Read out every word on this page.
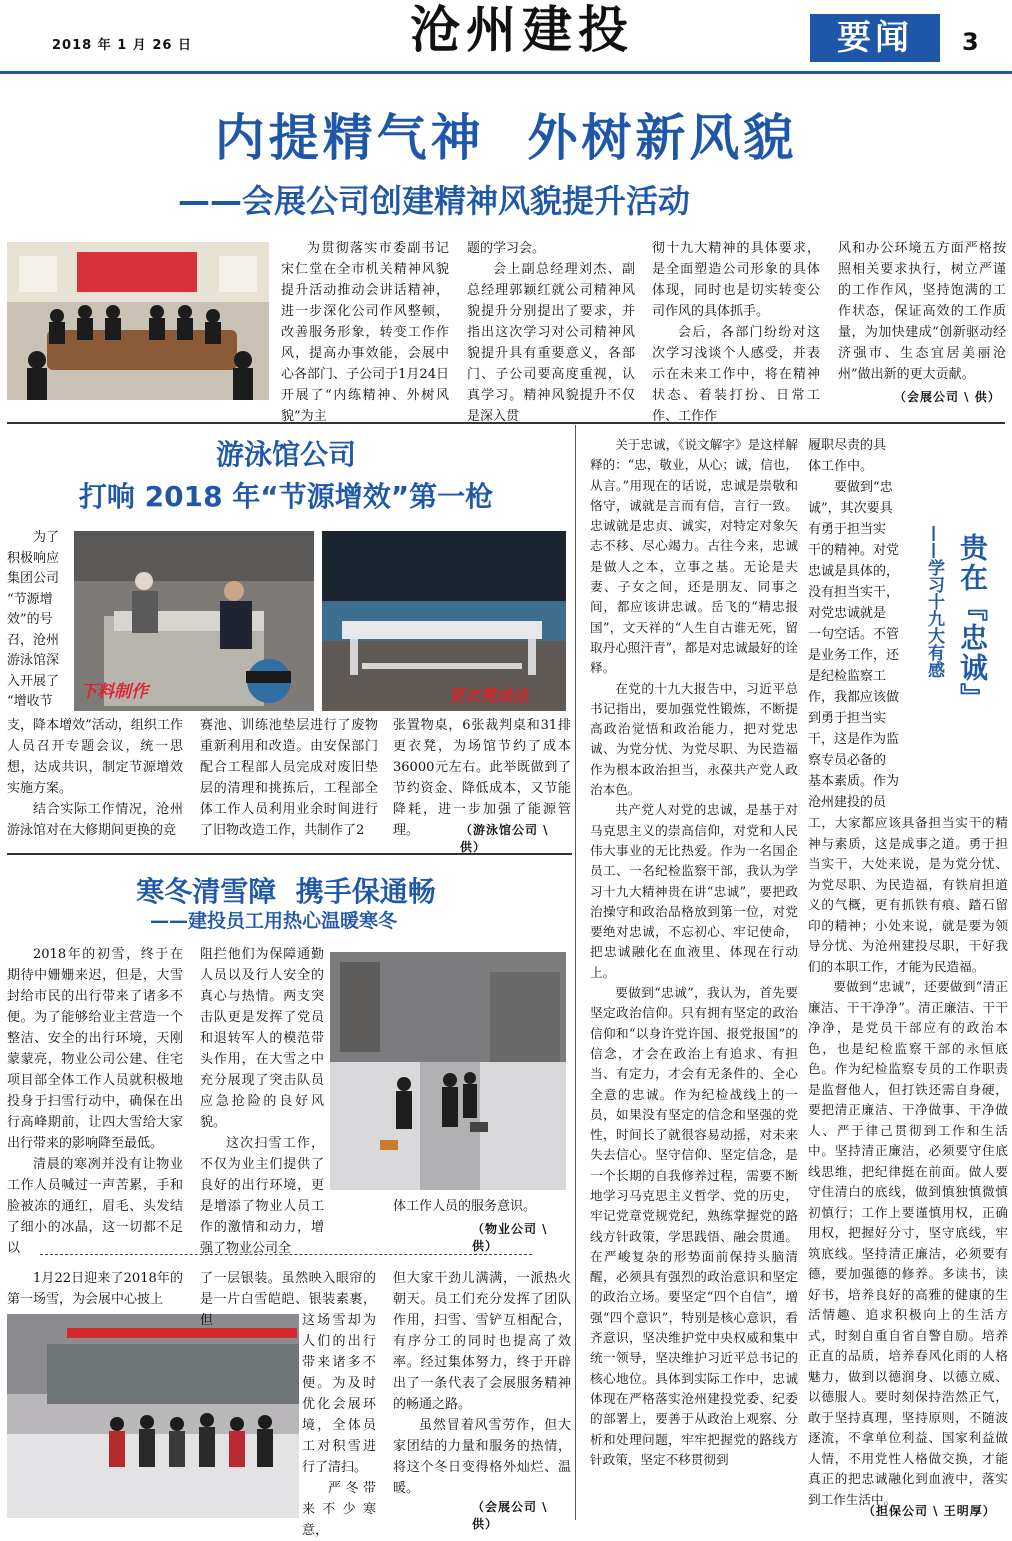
2018 年 1 月 26 日	沧州建投	要闻	3
内提精气神  外树新风貌
——会展公司创建精神风貌提升活动
为贯彻落实市委副书记宋仁堂在全市机关精神风貌提升活动推动会讲话精神，进一步深化公司作风整顿，改善服务形象，转变工作作风，提高办事效能，会展中心各部门、子公司于1月24日开展了“内练精神、外树风貌”为主

题的学习会。

会上副总经理刘杰、副总经理郭颖红就公司精神风貌提升分别提出了要求，并指出这次学习对公司精神风貌提升具有重要意义，各部门、子公司要高度重视，认真学习。精神风貌提升不仅是深入贯

彻十九大精神的具体要求，是全面塑造公司形象的具体体现，同时也是切实转变公司作风的具体抓手。

会后，各部门纷纷对这次学习浅谈个人感受，并表示在未来工作中，将在精神状态、着装打扮、日常工作、工作作

风和办公环境五方面严格按照相关要求执行，树立严谨的工作作风，坚持饱满的工作状态，保证高效的工作质量，为加快建成“创新驱动经济强市、生态宜居美丽沧州”做出新的更大贡献。
（会展公司 \ 供）
游泳馆公司
打响 2018 年“节源增效”第一枪
为了
积极响应
集团公司
“节源增
效”的号
召，沧州
游泳馆深
入开展了
“增收节	下料制作	更衣凳成品

支，降本增效”活动，组织工作人员召开专题会议，统一思想，达成共识，制定节源增效实施方案。

结合实际工作情况，沧州游泳馆对在大修期间更换的竞

赛池、训练池垫层进行了废物重新利用和改造。由安保部门配合工程部人员完成对废旧垫层的清理和挑拣后，工程部全体工作人员利用业余时间进行了旧物改造工作，共制作了2
张置物桌，6张裁判桌和31排更衣凳，为场馆节约了成本36000元左右。此举既做到了节约资金、降低成本，又节能降耗，进一步加强了能源管理。	（游泳馆公司 \ 供）
寒冬清雪障  携手保通畅
——建投员工用热心温暖寒冬

2018年的初雪，终于在期待中姗姗来迟，但是，大雪封给市民的出行带来了诸多不便。为了能够给业主营造一个整洁、安全的出行环境，天刚蒙蒙亮，物业公司公建、住宅项目部全体工作人员就积极地投身于扫雪行动中，确保在出行高峰期前，让四大雪给大家出行带来的影响降至最低。

清晨的寒冽并没有让物业工作人员喊过一声苦累，手和脸被冻的通红，眉毛、头发结了细小的冰晶，这一切都不足以

阻拦他们为保障通勤人员以及行人安全的真心与热情。两支突击队更是发挥了党员和退转军人的模范带头作用，在大雪之中充分展现了突击队员应急抢险的良好风貌。

这次扫雪工作，不仅为业主们提供了良好的出行环境，更是增添了物业人员工作的激情和动力，增强了物业公司全

体工作人员的服务意识。
（物业公司 \ 供）
1月22日迎来了2018年的第一场雪，为会展中心披上

了一层银装。虽然映入眼帘的是一片白雪皑皑、银装素裹，但	这场雪却为人们的出行带来诸多不便。为及时优化会展环境，全体员工对积雪进行了清扫。

严冬带来不少寒意，

但大家干劲儿满满，一派热火朝天。员工们充分发挥了团队作用，扫雪、雪铲互相配合，有序分工的同时也提高了效率。经过集体努力，终于开辟出了一条代表了会展服务精神的畅通之路。

虽然冒着风雪劳作，但大家团结的力量和服务的热情，将这个冬日变得格外灿烂、温暖。

（会展公司 \ 供）

关于忠诚，《说文解字》是这样解释的：“忠，敬业，从心；诚，信也，从言。”用现在的话说，忠诚是崇敬和恪守，诚就是言而有信，言行一致。忠诚就是忠贞、诚实，对特定对象矢志不移、尽心竭力。古往今来，忠诚是做人之本，立事之基。无论是夫妻、子女之间，还是朋友、同事之间，都应该讲忠诚。岳飞的“精忠报国”，文天祥的“人生自古谁无死，留取丹心照汗青”，都是对忠诚最好的诠释。

在党的十九大报告中，习近平总书记指出，要加强党性锻炼，不断提高政治觉悟和政治能力，把对党忠诚、为党分忧、为党尽职、为民造福作为根本政治担当，永葆共产党人政治本色。

共产党人对党的忠诚，是基于对马克思主义的崇高信仰，对党和人民伟大事业的无比热爱。作为一名国企员工、一名纪检监察干部，我认为学习十九大精神贵在讲“忠诚”，要把政治操守和政治品格放到第一位，对党要绝对忠诚，不忘初心、牢记使命，把忠诚融化在血液里、体现在行动上。

要做到“忠诚”，我认为，首先要坚定政治信仰。只有拥有坚定的政治信仰和“以身许党许国、报党报国”的信念，才会在政治上有追求、有担当、有定力，才会有无条件的、全心全意的忠诚。作为纪检战线上的一员，如果没有坚定的信念和坚强的党性，时间长了就很容易动摇，对未来失去信心。坚守信仰、坚定信念，是一个长期的自我修养过程，需要不断地学习马克思主义哲学、党的历史，牢记党章党规党纪，熟练掌握党的路线方针政策，学思践悟、融会贯通。在严峻复杂的形势面前保持头脑清醒，必须具有强烈的政治意识和坚定的政治立场。要坚定“四个自信”，增强“四个意识”，特别是核心意识，看齐意识，坚决维护党中央权威和集中统一领导，坚决维护习近平总书记的核心地位。具体到实际工作中，忠诚体现在严格落实沧州建投党委、纪委的部署上，要善于从政治上观察、分析和处理问题，牢牢把握党的路线方针政策，坚定不移贯彻到

履职尽责的具
体工作中。
要做到“忠
诚”，其次要具
有勇于担当实
干的精神。对党
忠诚是具体的，
没有担当实干，
对党忠诚就是
一句空话。不管
是业务工作，还
是纪检监察工
作，我都应该做
到勇于担当实
干，这是作为监
察专员必备的
基本素质。作为
沧州建投的员
贵在『忠诚』
——学习十九大有感

工，大家都应该具备担当实干的精神与素质，这是成事之道。勇于担当实干，大处来说，是为党分忧、为党尽职、为民造福，有铁肩担道义的气概，更有抓铁有痕、踏石留印的精神；小处来说，就是要为领导分忧、为沧州建投尽职，干好我们的本职工作，才能为民造福。

要做到“忠诚”，还要做到“清正廉洁、干干净净”。清正廉洁、干干净净，是党员干部应有的政治本色，也是纪检监察干部的永恒底色。作为纪检监察专员的工作职责是监督他人，但打铁还需自身硬，要把清正廉洁、干净做事、干净做人、严于律己贯彻到工作和生活中。坚持清正廉洁，必须要守住底线思维，把纪律挺在前面。做人要守住清白的底线，做到慎独慎微慎初慎行；工作上要谨慎用权，正确用权，把握好分寸，坚守底线，牢筑底线。坚持清正廉洁，必须要有德，要加强德的修养。多读书，读好书，培养良好的高雅的健康的生活情趣、追求积极向上的生活方式，时刻自重自省自警自励。培养正直的品质，培养春风化雨的人格魅力，做到以德润身、以德立威、以德服人。要时刻保持浩然正气，敢于坚持真理，坚持原则，不随波逐流，不拿单位利益、国家利益做人情，不用党性人格做交换，才能真正的把忠诚融化到血液中，落实到工作生活中。

（担保公司 \ 王明厚）
